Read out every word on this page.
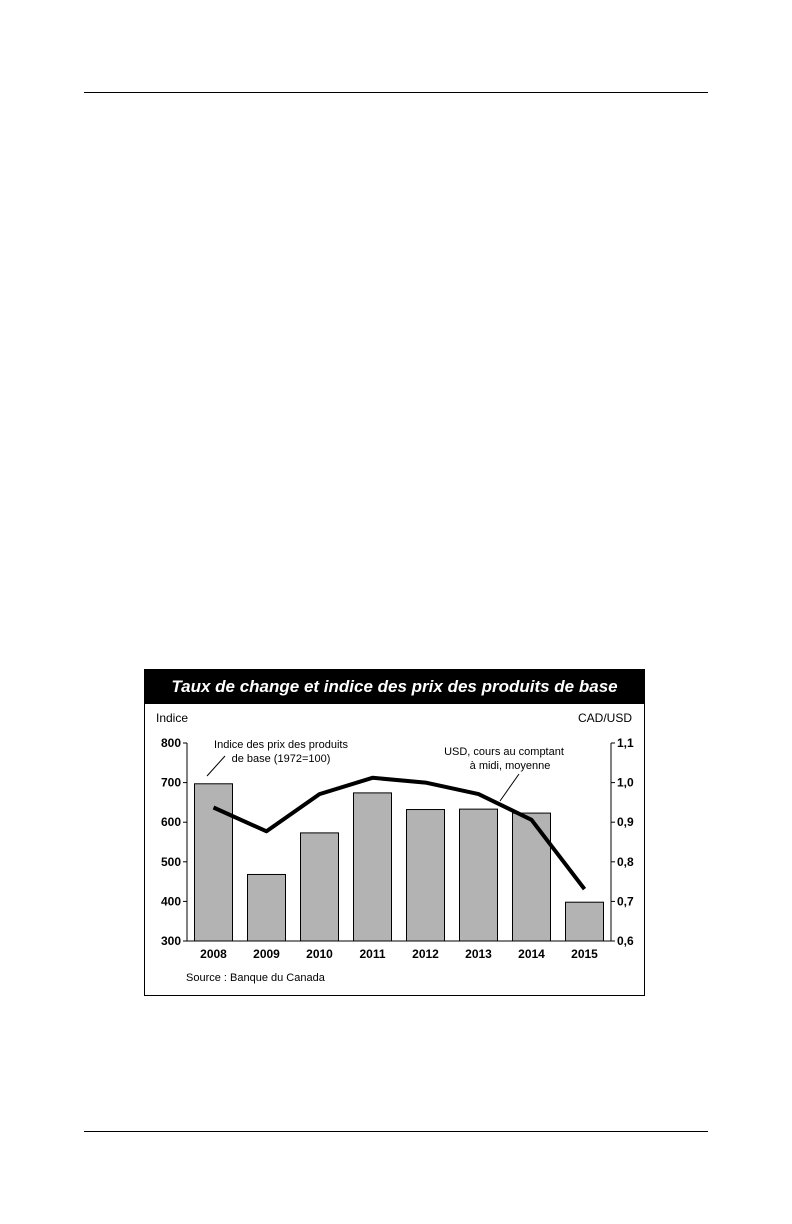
Taux de change et indice des prix des produits de base
Indice	CAD/USD
800
700
600
500
400
300
1,1
1,0
0,9
0,8
0,7
0,6
2008 2009 2010 2011 2012 2013 2014 2015
Indice des prix des produits
de base (1972=100)
USD, cours au comptant
à midi, moyenne
Source : Banque du Canada
